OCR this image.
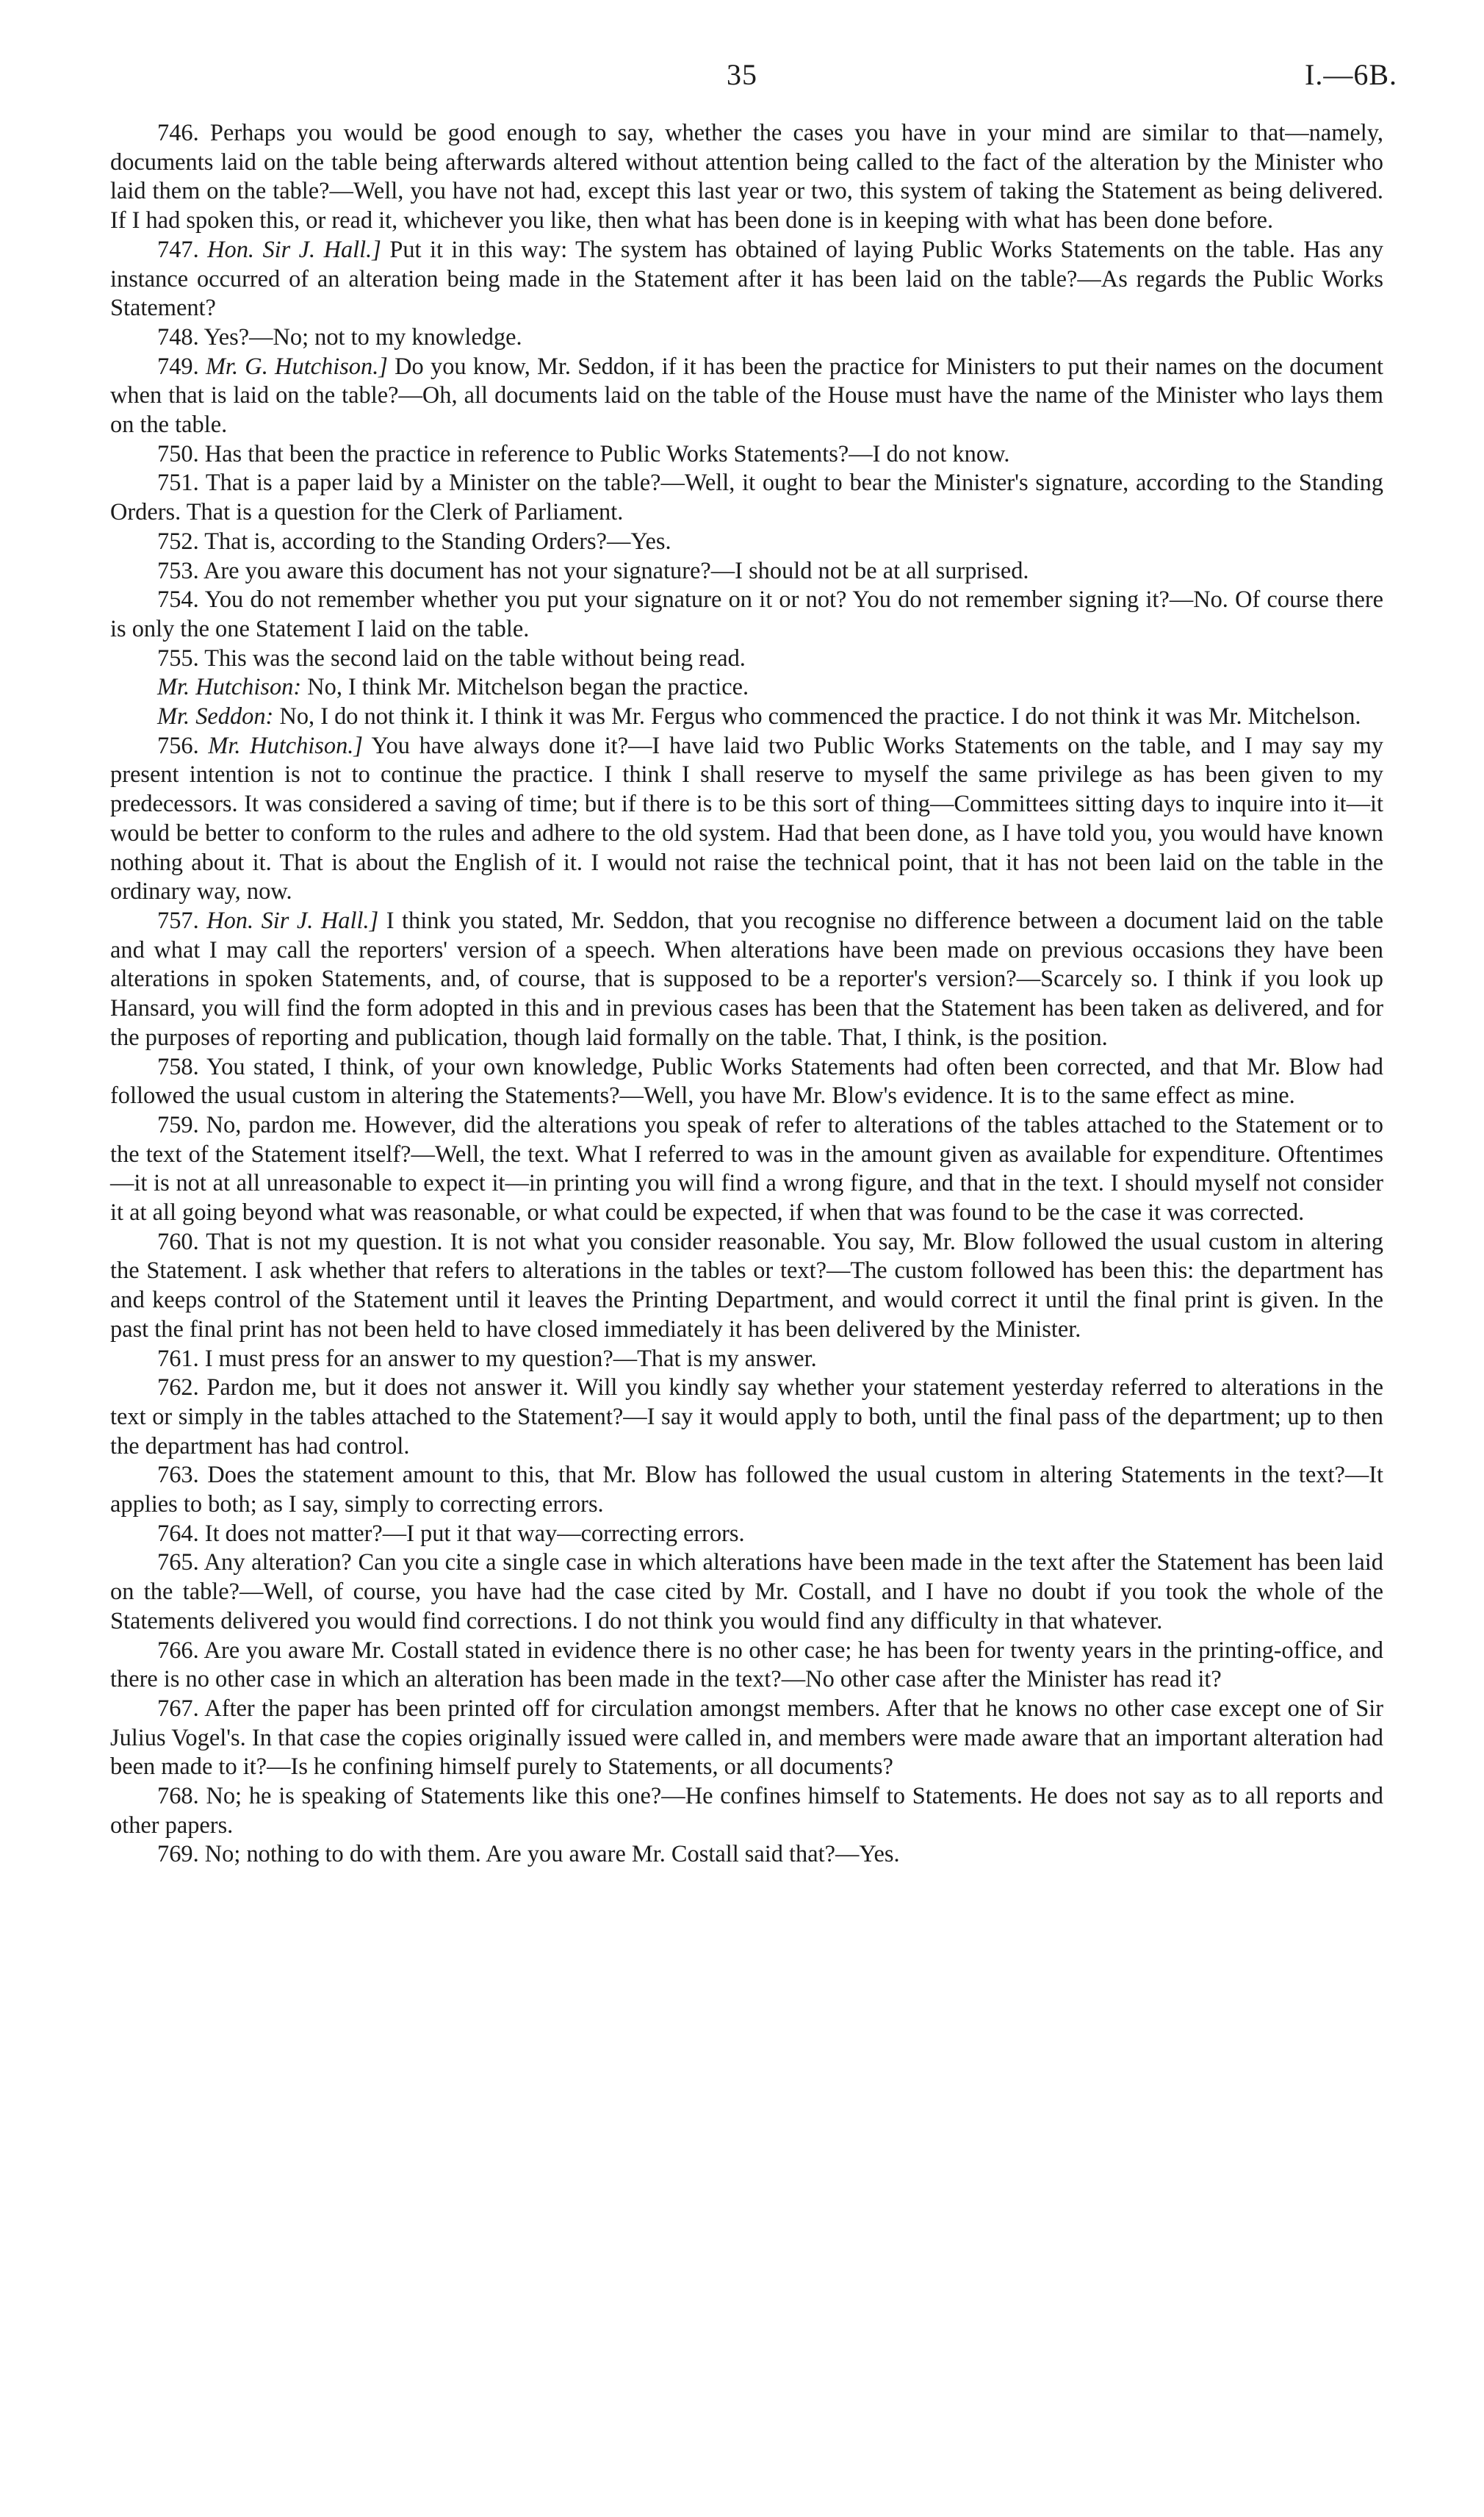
35	I.—6B.

746. Perhaps you would be good enough to say, whether the cases you have in your mind are similar to that—namely, documents laid on the table being afterwards altered without attention being called to the fact of the alteration by the Minister who laid them on the table?—Well, you have not had, except this last year or two, this system of taking the Statement as being delivered. If I had spoken this, or read it, whichever you like, then what has been done is in keeping with what has been done before.

747. Hon. Sir J. Hall.] Put it in this way: The system has obtained of laying Public Works Statements on the table. Has any instance occurred of an alteration being made in the Statement after it has been laid on the table?—As regards the Public Works Statement?

748. Yes?—No; not to my knowledge.

749. Mr. G. Hutchison.] Do you know, Mr. Seddon, if it has been the practice for Ministers to put their names on the document when that is laid on the table?—Oh, all documents laid on the table of the House must have the name of the Minister who lays them on the table.

750. Has that been the practice in reference to Public Works Statements?—I do not know.

751. That is a paper laid by a Minister on the table?—Well, it ought to bear the Minister's signature, according to the Standing Orders. That is a question for the Clerk of Parliament.

752. That is, according to the Standing Orders?—Yes.

753. Are you aware this document has not your signature?—I should not be at all surprised.

754. You do not remember whether you put your signature on it or not? You do not remember signing it?—No. Of course there is only the one Statement I laid on the table.

755. This was the second laid on the table without being read.

Mr. Hutchison: No, I think Mr. Mitchelson began the practice.

Mr. Seddon: No, I do not think it. I think it was Mr. Fergus who commenced the practice. I do not think it was Mr. Mitchelson.

756. Mr. Hutchison.] You have always done it?—I have laid two Public Works Statements on the table, and I may say my present intention is not to continue the practice. I think I shall reserve to myself the same privilege as has been given to my predecessors. It was considered a saving of time; but if there is to be this sort of thing—Committees sitting days to inquire into it—it would be better to conform to the rules and adhere to the old system. Had that been done, as I have told you, you would have known nothing about it. That is about the English of it. I would not raise the technical point, that it has not been laid on the table in the ordinary way, now.

757. Hon. Sir J. Hall.] I think you stated, Mr. Seddon, that you recognise no difference between a document laid on the table and what I may call the reporters' version of a speech. When alterations have been made on previous occasions they have been alterations in spoken Statements, and, of course, that is supposed to be a reporter's version?—Scarcely so. I think if you look up Hansard, you will find the form adopted in this and in previous cases has been that the Statement has been taken as delivered, and for the purposes of reporting and publication, though laid formally on the table. That, I think, is the position.

758. You stated, I think, of your own knowledge, Public Works Statements had often been corrected, and that Mr. Blow had followed the usual custom in altering the Statements?—Well, you have Mr. Blow's evidence. It is to the same effect as mine.

759. No, pardon me. However, did the alterations you speak of refer to alterations of the tables attached to the Statement or to the text of the Statement itself?—Well, the text. What I referred to was in the amount given as available for expenditure. Oftentimes—it is not at all unreasonable to expect it—in printing you will find a wrong figure, and that in the text. I should myself not consider it at all going beyond what was reasonable, or what could be expected, if when that was found to be the case it was corrected.

760. That is not my question. It is not what you consider reasonable. You say, Mr. Blow followed the usual custom in altering the Statement. I ask whether that refers to alterations in the tables or text?—The custom followed has been this: the department has and keeps control of the Statement until it leaves the Printing Department, and would correct it until the final print is given. In the past the final print has not been held to have closed immediately it has been delivered by the Minister.

761. I must press for an answer to my question?—That is my answer.

762. Pardon me, but it does not answer it. Will you kindly say whether your statement yesterday referred to alterations in the text or simply in the tables attached to the Statement?—I say it would apply to both, until the final pass of the department; up to then the department has had control.

763. Does the statement amount to this, that Mr. Blow has followed the usual custom in altering Statements in the text?—It applies to both; as I say, simply to correcting errors.

764. It does not matter?—I put it that way—correcting errors.

765. Any alteration? Can you cite a single case in which alterations have been made in the text after the Statement has been laid on the table?—Well, of course, you have had the case cited by Mr. Costall, and I have no doubt if you took the whole of the Statements delivered you would find corrections. I do not think you would find any difficulty in that whatever.

766. Are you aware Mr. Costall stated in evidence there is no other case; he has been for twenty years in the printing-office, and there is no other case in which an alteration has been made in the text?—No other case after the Minister has read it?

767. After the paper has been printed off for circulation amongst members. After that he knows no other case except one of Sir Julius Vogel's. In that case the copies originally issued were called in, and members were made aware that an important alteration had been made to it?—Is he confining himself purely to Statements, or all documents?

768. No; he is speaking of Statements like this one?—He confines himself to Statements. He does not say as to all reports and other papers.

769. No; nothing to do with them. Are you aware Mr. Costall said that?—Yes.
